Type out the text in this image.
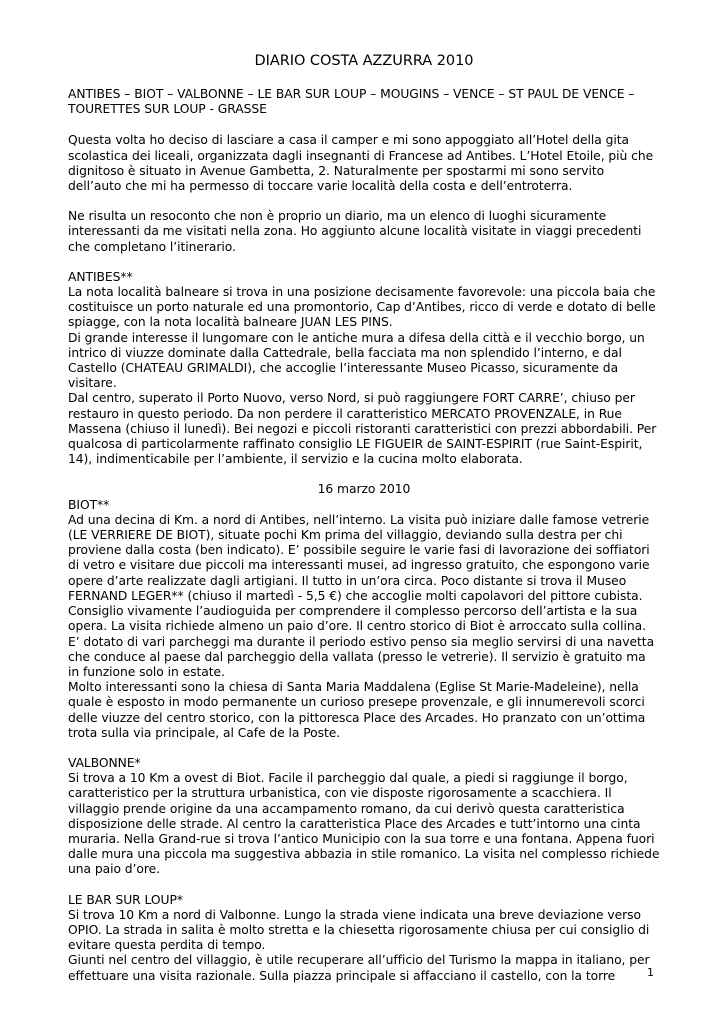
DIARIO COSTA AZZURRA 2010

ANTIBES – BIOT – VALBONNE – LE BAR SUR LOUP – MOUGINS – VENCE – ST PAUL DE VENCE – TOURETTES SUR LOUP - GRASSE

Questa volta ho deciso di lasciare a casa il camper e mi sono appoggiato all’Hotel della gita scolastica dei liceali, organizzata dagli insegnanti di Francese ad Antibes. L’Hotel Etoile, più che dignitoso è situato in Avenue Gambetta, 2. Naturalmente per spostarmi mi sono servito dell’auto che mi ha permesso di toccare varie località della costa e dell’entroterra.

Ne risulta un resoconto che non è proprio un diario, ma un elenco di luoghi sicuramente interessanti da me visitati nella zona. Ho aggiunto alcune località visitate in viaggi precedenti che completano l’itinerario.

ANTIBES**

La nota località balneare si trova in una posizione decisamente favorevole: una piccola baia che costituisce un porto naturale ed una promontorio, Cap d’Antibes, ricco di verde e dotato di belle spiagge, con la nota località balneare JUAN LES PINS.

Di grande interesse il lungomare con le antiche mura a difesa della città e il vecchio borgo, un intrico di viuzze dominate dalla Cattedrale, bella facciata ma non splendido l’interno, e dal Castello (CHATEAU GRIMALDI), che accoglie l’interessante Museo Picasso, sicuramente da visitare.

Dal centro, superato il Porto Nuovo, verso Nord, si può raggiungere FORT CARRE’, chiuso per restauro in questo periodo. Da non perdere il caratteristico MERCATO PROVENZALE, in Rue Massena (chiuso il lunedì). Bei negozi e piccoli ristoranti caratteristici con prezzi abbordabili. Per qualcosa di particolarmente raffinato consiglio LE FIGUEIR de SAINT-ESPIRIT (rue Saint-Espirit, 14), indimenticabile per l’ambiente, il servizio e la cucina molto elaborata.

16 marzo 2010

BIOT**

Ad una decina di Km. a nord di Antibes, nell’interno. La visita può iniziare dalle famose vetrerie (LE VERRIERE DE BIOT), situate pochi Km prima del villaggio, deviando sulla destra per chi proviene dalla costa (ben indicato). E’ possibile seguire le varie fasi di lavorazione dei soffiatori di vetro e visitare due piccoli ma interessanti musei, ad ingresso gratuito, che espongono varie opere d’arte realizzate dagli artigiani. Il tutto in un’ora circa. Poco distante si trova il Museo FERNAND LEGER** (chiuso il martedì - 5,5 €) che accoglie molti capolavori del pittore cubista. Consiglio vivamente l’audioguida per comprendere il complesso percorso dell’artista e la sua opera. La visita richiede almeno un paio d’ore. Il centro storico di Biot è arroccato sulla collina. E’ dotato di vari parcheggi ma durante il periodo estivo penso sia meglio servirsi di una navetta che conduce al paese dal parcheggio della vallata (presso le vetrerie). Il servizio è gratuito ma in funzione solo in estate.

Molto interessanti sono la chiesa di Santa Maria Maddalena (Eglise St Marie-Madeleine), nella quale è esposto in modo permanente un curioso presepe provenzale, e gli innumerevoli scorci delle viuzze del centro storico, con la pittoresca Place des Arcades. Ho pranzato con un’ottima trota sulla via principale, al Cafe de la Poste.

VALBONNE*

Si trova a 10 Km a ovest di Biot. Facile il parcheggio dal quale, a piedi si raggiunge il borgo, caratteristico per la struttura urbanistica, con vie disposte rigorosamente a scacchiera. Il villaggio prende origine da una accampamento romano, da cui derivò questa caratteristica disposizione delle strade. Al centro la caratteristica Place des Arcades e tutt’intorno una cinta muraria. Nella Grand-rue si trova l’antico Municipio con la sua torre e una fontana. Appena fuori dalle mura una piccola ma suggestiva abbazia in stile romanico. La visita nel complesso richiede una paio d’ore.

LE BAR SUR LOUP*

Si trova 10 Km a nord di Valbonne. Lungo la strada viene indicata una breve deviazione verso OPIO. La strada in salita è molto stretta e la chiesetta rigorosamente chiusa per cui consiglio di evitare questa perdita di tempo.

Giunti nel centro del villaggio, è utile recuperare all’ufficio del Turismo la mappa in italiano, per effettuare una visita razionale. Sulla piazza principale si affacciano il castello, con la torre	1
